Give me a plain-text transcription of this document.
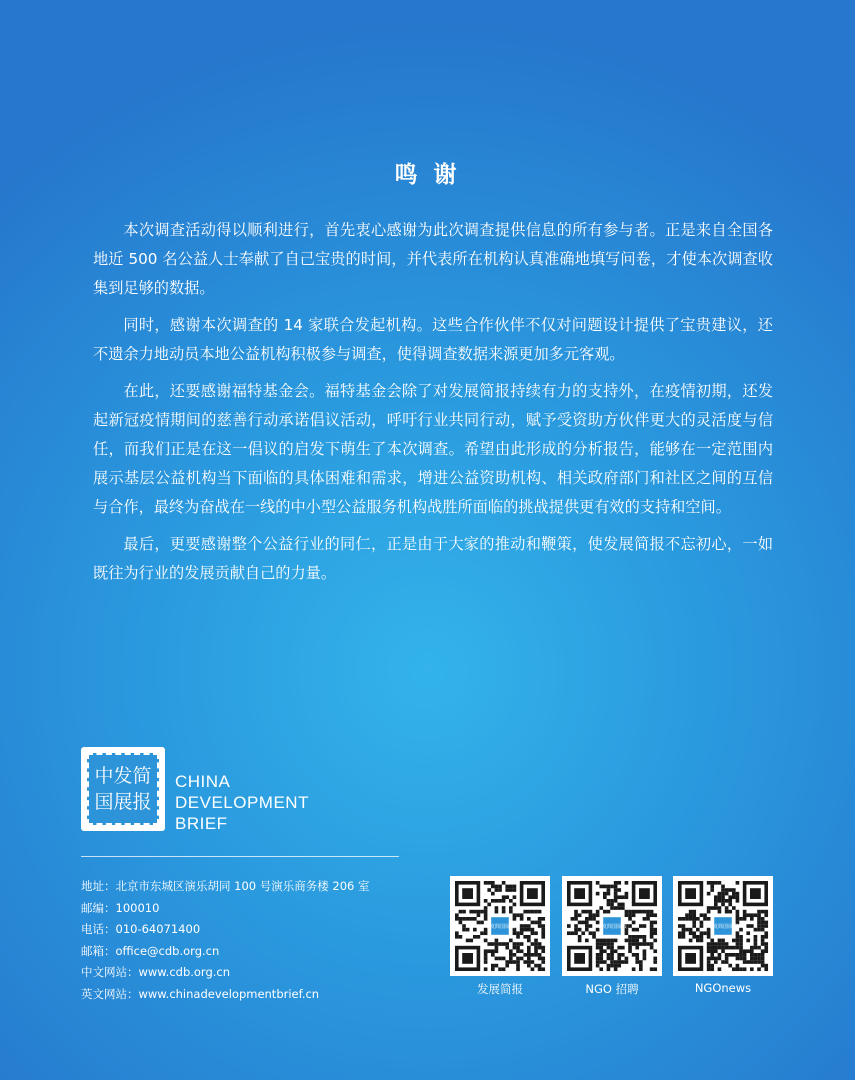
鸣 谢

本次调查活动得以顺利进行，首先衷心感谢为此次调查提供信息的所有参与者。正是来自全国各地近 500 名公益人士奉献了自己宝贵的时间，并代表所在机构认真准确地填写问卷，才使本次调查收集到足够的数据。

同时，感谢本次调查的 14 家联合发起机构。这些合作伙伴不仅对问题设计提供了宝贵建议，还不遗余力地动员本地公益机构积极参与调查，使得调查数据来源更加多元客观。

在此，还要感谢福特基金会。福特基金会除了对发展简报持续有力的支持外，在疫情初期，还发起新冠疫情期间的慈善行动承诺倡议活动，呼吁行业共同行动，赋予受资助方伙伴更大的灵活度与信任，而我们正是在这一倡议的启发下萌生了本次调查。希望由此形成的分析报告，能够在一定范围内展示基层公益机构当下面临的具体困难和需求，增进公益资助机构、相关政府部门和社区之间的互信与合作，最终为奋战在一线的中小型公益服务机构战胜所面临的挑战提供更有效的支持和空间。

最后，更要感谢整个公益行业的同仁，正是由于大家的推动和鞭策，使发展简报不忘初心，一如既往为行业的发展贡献自己的力量。

中发简
国展报
CHINA
DEVELOPMENT
BRIEF
地址：北京市东城区演乐胡同 100 号演乐商务楼 206 室
邮编：100010
电话：010-64071400
邮箱：office@cdb.org.cn
中文网站：www.cdb.org.cn
英文网站：www.chinadevelopmentbrief.cn
中发简国展报
发展简报
中发简国展报
NGO 招聘
中发简国展报
NGOnews
